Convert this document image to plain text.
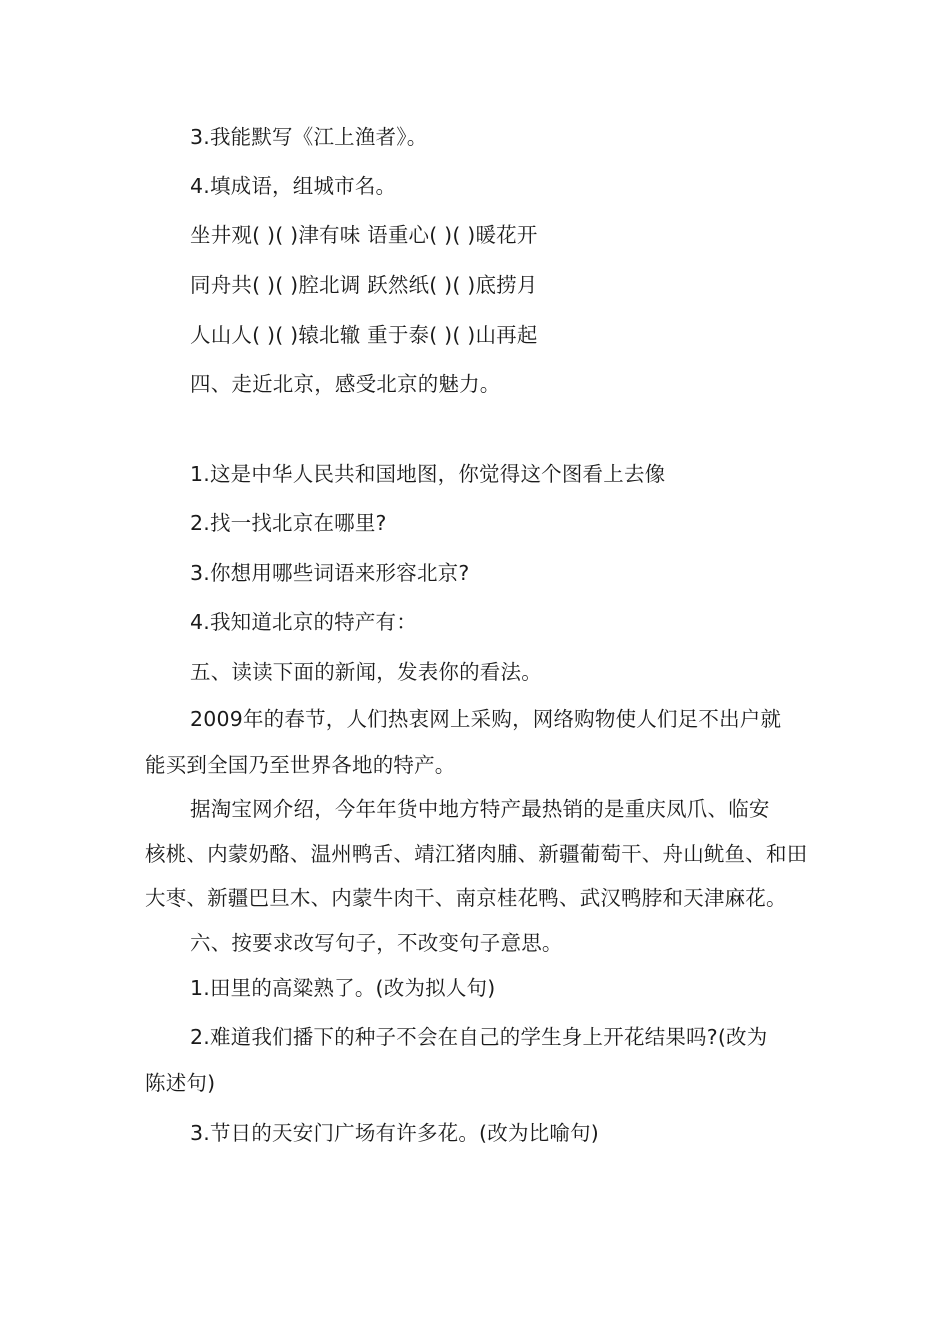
3.我能默写《江上渔者》。
4.填成语，组城市名。
坐井观( )( )津有味 语重心( )( )暖花开
同舟共( )( )腔北调 跃然纸( )( )底捞月
人山人( )( )辕北辙 重于泰( )( )山再起
四、走近北京，感受北京的魅力。
1.这是中华人民共和国地图，你觉得这个图看上去像
2.找一找北京在哪里?
3.你想用哪些词语来形容北京?
4.我知道北京的特产有：
五、读读下面的新闻，发表你的看法。
2009年的春节，人们热衷网上采购，网络购物使人们足不出户就
能买到全国乃至世界各地的特产。
据淘宝网介绍，今年年货中地方特产最热销的是重庆凤爪、临安
核桃、内蒙奶酪、温州鸭舌、靖江猪肉脯、新疆葡萄干、舟山鱿鱼、和田
大枣、新疆巴旦木、内蒙牛肉干、南京桂花鸭、武汉鸭脖和天津麻花。
六、按要求改写句子，不改变句子意思。
1.田里的高粱熟了。(改为拟人句)
2.难道我们播下的种子不会在自己的学生身上开花结果吗?(改为
陈述句)
3.节日的天安门广场有许多花。(改为比喻句)
